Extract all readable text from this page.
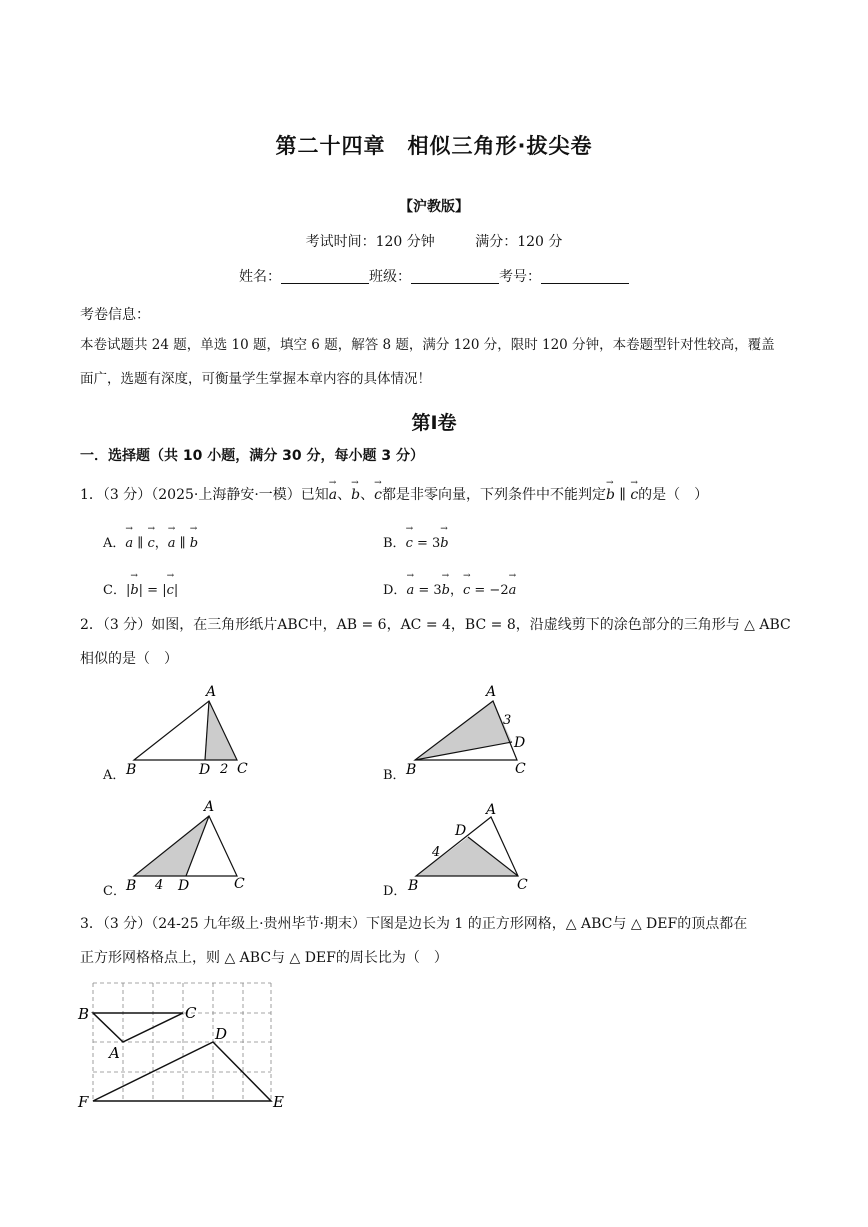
第二十四章　相似三角形·拔尖卷
【沪教版】
考试时间：120 分钟	满分：120 分
姓名：	班级：	考号：
考卷信息：
本卷试题共 24 题，单选 10 题，填空 6 题，解答 8 题，满分 120 分，限时 120 分钟，本卷题型针对性较高，覆盖
面广，选题有深度，可衡量学生掌握本章内容的具体情况！
第Ⅰ卷
一．选择题（共 10 小题，满分 30 分，每小题 3 分）
1．（3 分）（2025·上海静安·一模）已知→ a、→ b、→ c都是非零向量，下列条件中不能判定→ b ∥ → c的是（　）
A．→ a ∥ → c，→ a ∥ → b	B．→ c = 3→ b
C．|→ b| = |→ c|	D．→ a = 3→ b，→ c = −2→ a
2．（3 分）如图，在三角形纸片ABC中，AB = 6，AC = 4，BC = 8，沿虚线剪下的涂色部分的三角形与 △ ABC
相似的是（　）
A．
A
B	D 2 C	B．
A
3
D
B	C
C．
A
B 4 D	C	D．
A
D
4
B	C
3．（3 分）（24-25 九年级上·贵州毕节·期末）下图是边长为 1 的正方形网格，△ ABC与 △ DEF的顶点都在
正方形网格格点上，则 △ ABC与 △ DEF的周长比为（　）
B	C
A
D
F	E
